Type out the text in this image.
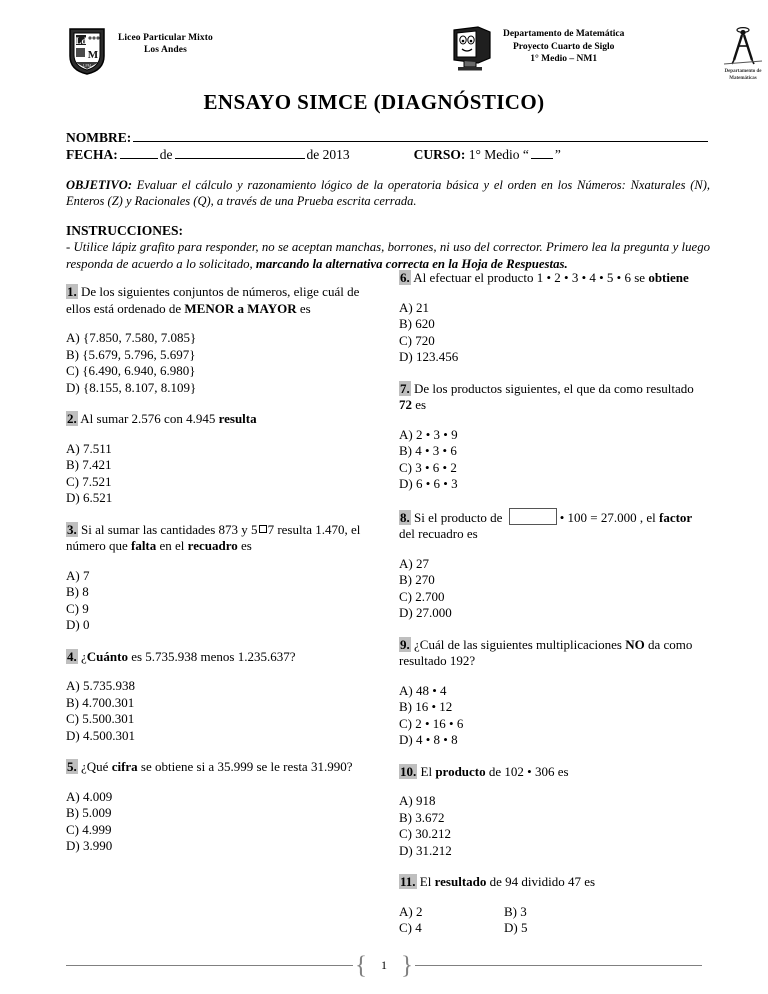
Ld
M
LPM
Liceo Particular Mixto
Los Andes
Departamento de Matemática
Proyecto Cuarto de Siglo
1° Medio – NM1
Departamento de
Matemáticas
ENSAYO SIMCE (DIAGNÓSTICO)
NOMBRE:
FECHA:	de	de 2013	CURSO:
1° Medio “ ”
OBJETIVO: Evaluar el cálculo y razonamiento lógico de la operatoria básica y el orden en los Números: Nxaturales (N), Enteros (Z) y Racionales (Q), a través de una Prueba escrita cerrada.
INSTRUCCIONES:
- Utilice lápiz grafito para responder, no se aceptan manchas, borrones, ni uso del corrector. Primero lea la pregunta y luego responda de acuerdo a lo solicitado, marcando la alternativa correcta en la Hoja de Respuestas.
1. De los siguientes conjuntos de números, elige cuál de ellos está ordenado de MENOR a MAYOR es
A) {7.850, 7.580, 7.085}
B) {5.679, 5.796, 5.697}
C) {6.490, 6.940, 6.980}
D) {8.155, 8.107, 8.109}
2. Al sumar 2.576 con 4.945 resulta
A) 7.511
B) 7.421
C) 7.521
D) 6.521
3. Si al sumar las cantidades 873 y 5 7 resulta 1.470, el número que falta en el recuadro es
A) 7
B) 8
C) 9
D) 0
4. ¿Cuánto es 5.735.938 menos 1.235.637?
A) 5.735.938
B) 4.700.301
C) 5.500.301
D) 4.500.301
5. ¿Qué cifra se obtiene si a 35.999 se le resta 31.990?
A) 4.009
B) 5.009
C) 4.999
D) 3.990
6. Al efectuar el producto 1 • 2 • 3 • 4 • 5 • 6 se obtiene
A) 21
B) 620
C) 720
D) 123.456
7. De los productos siguientes, el que da como resultado 72 es
A) 2 • 3 • 9
B) 4 • 3 • 6
C) 3 • 6 • 2
D) 6 • 6 • 3
8. Si el producto de	• 100 = 27.000 , el factor del recuadro es
A) 27
B) 270
C) 2.700
D) 27.000
9. ¿Cuál de las siguientes multiplicaciones NO da como resultado 192?
A) 48 • 4
B) 16 • 12
C) 2 • 16 • 6
D) 4 • 8 • 8
10. El producto de 102 • 306 es
A) 918
B) 3.672
C) 30.212
D) 31.212
11. El resultado de 94 dividido 47 es
A) 2	B) 3
C) 4	D) 5
{	1 }
